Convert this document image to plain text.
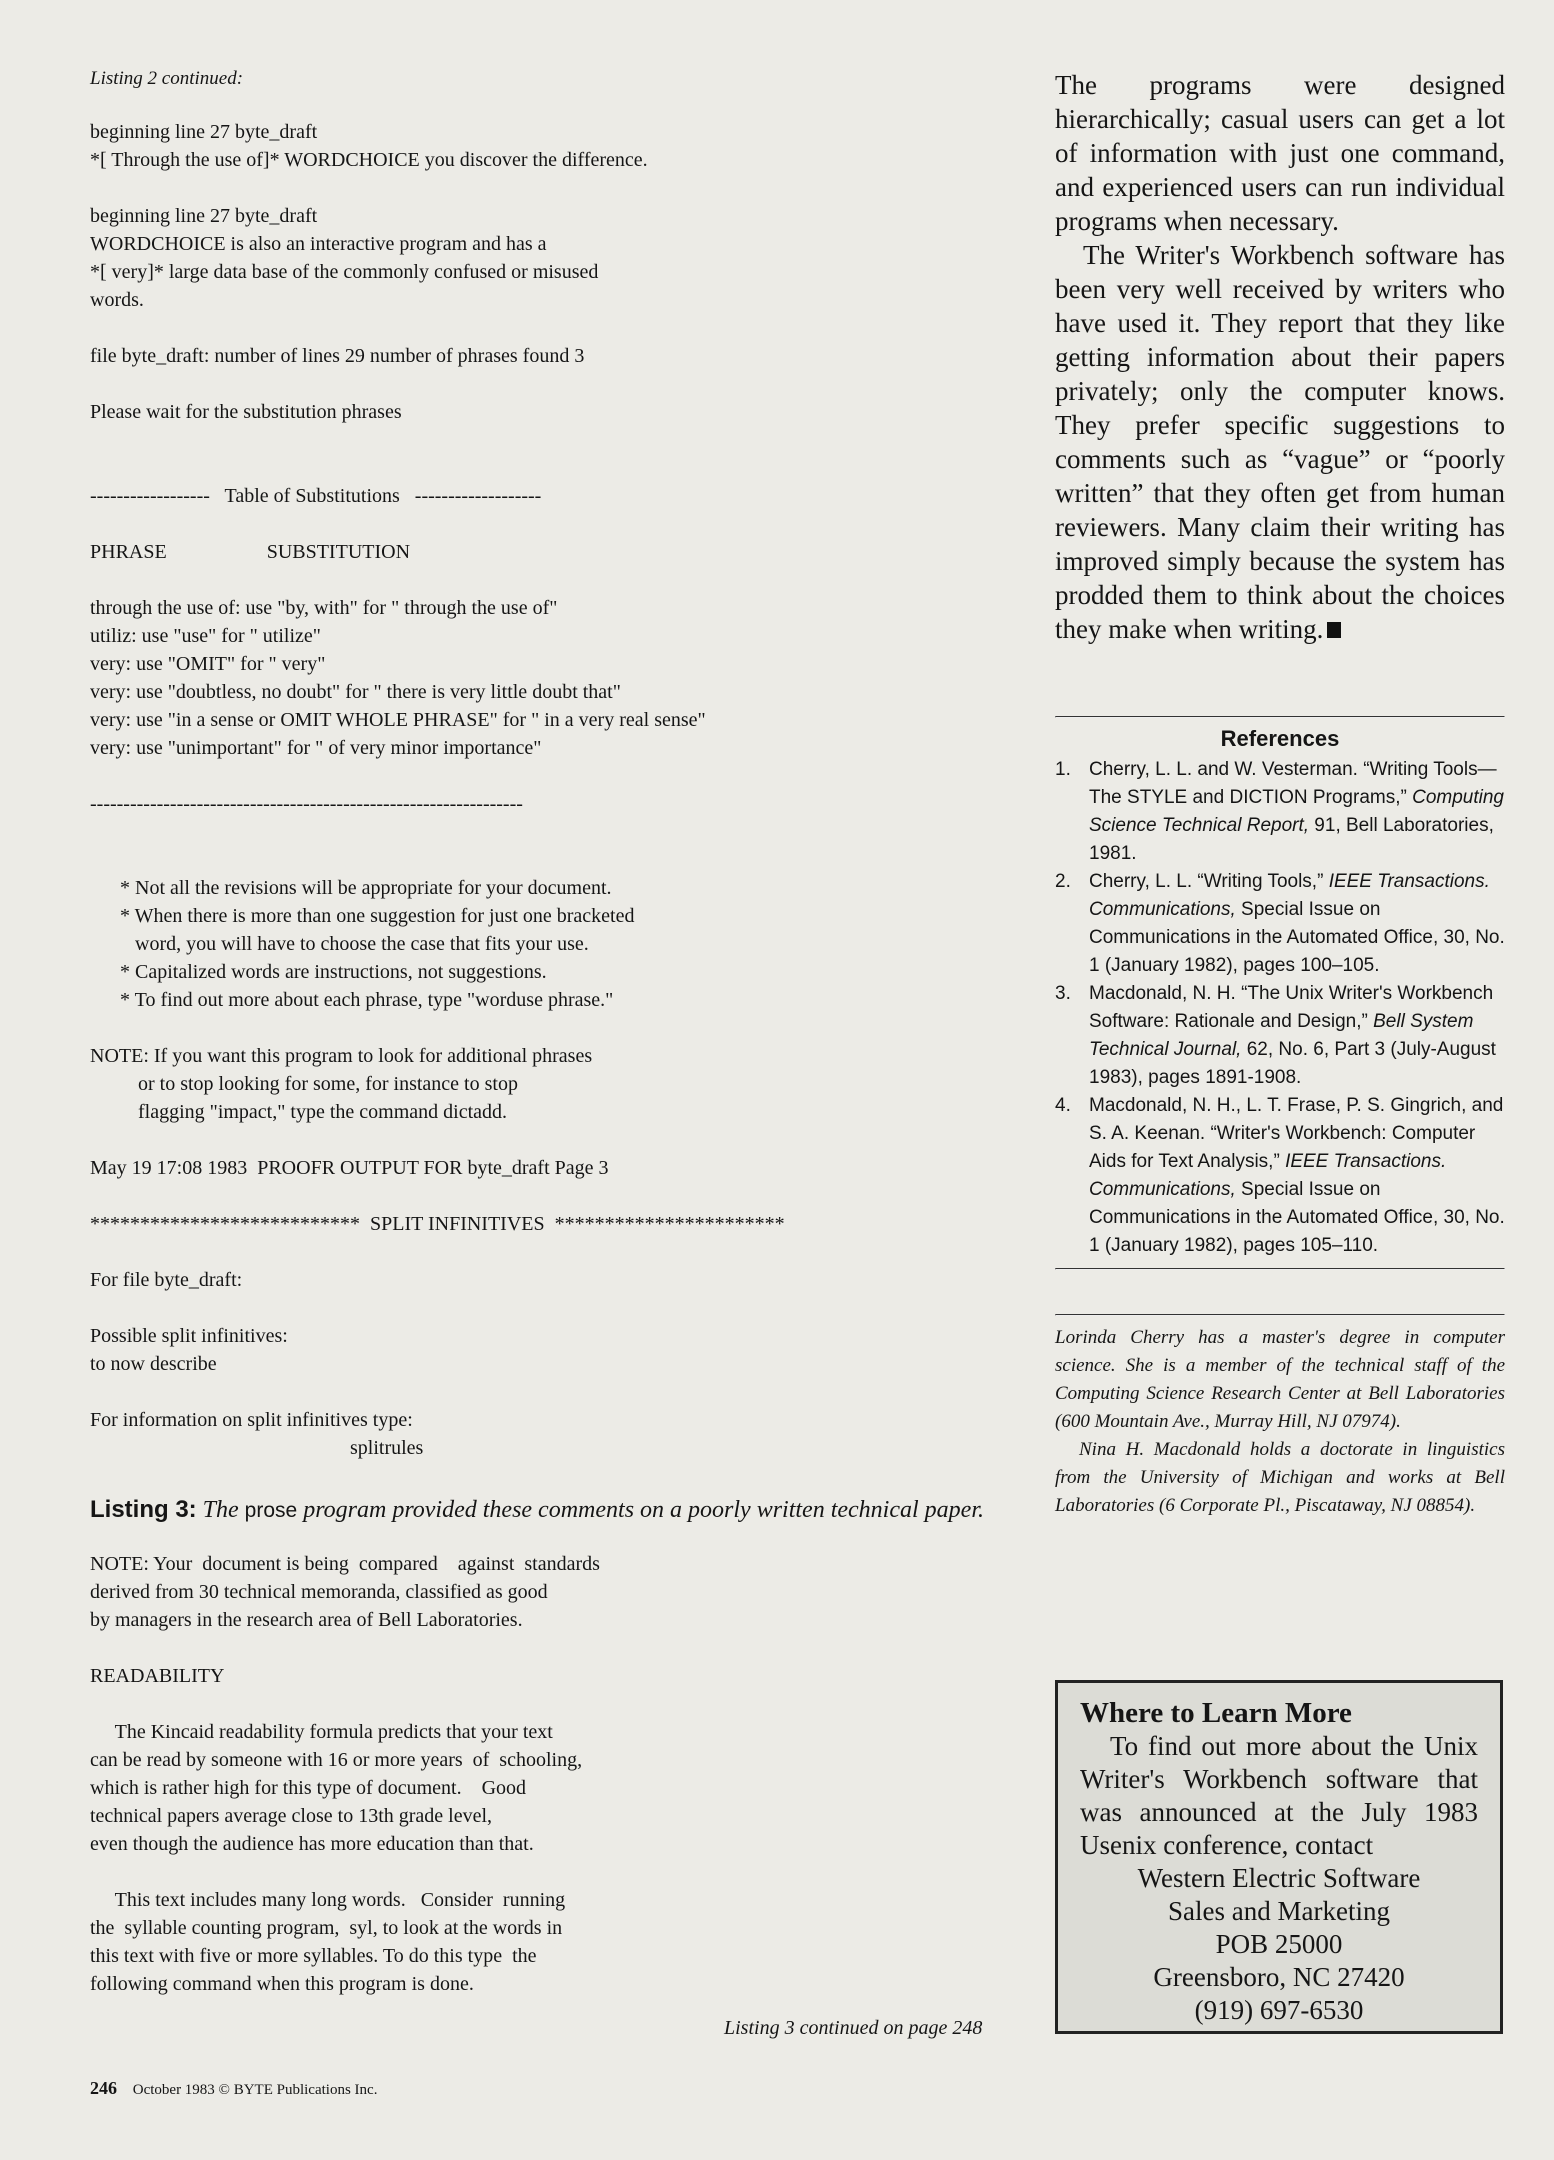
Listing 2 continued:

beginning line 27 byte_draft

*[ Through the use of]* WORDCHOICE you discover the difference.

beginning line 27 byte_draft

WORDCHOICE is also an interactive program and has a

*[ very]* large data base of the commonly confused or misused

words.

file byte_draft: number of lines 29 number of phrases found 3

Please wait for the substitution phrases

------------------   Table of Substitutions   -------------------

PHRASE                    SUBSTITUTION

through the use of: use "by, with" for " through the use of"

utiliz: use "use" for " utilize"

very: use "OMIT" for " very"

very: use "doubtless, no doubt" for " there is very little doubt that"

very: use "in a sense or OMIT WHOLE PHRASE" for " in a very real sense"

very: use "unimportant" for " of very minor importance"

-----------------------------------------------------------------

* Not all the revisions will be appropriate for your document.

* When there is more than one suggestion for just one bracketed

word, you will have to choose the case that fits your use.

* Capitalized words are instructions, not suggestions.

* To find out more about each phrase, type "worduse phrase."

NOTE: If you want this program to look for additional phrases

or to stop looking for some, for instance to stop

flagging "impact," type the command dictadd.

May 19 17:08 1983  PROOFR OUTPUT FOR byte_draft Page 3

***************************  SPLIT INFINITIVES  ***********************

For file byte_draft:

Possible split infinitives:

to now describe

For information on split infinitives type:

splitrules

Listing 3: The prose program provided these comments on a poorly written technical paper.

NOTE: Your  document is being  compared    against  standards

derived from 30 technical memoranda, classified as good

by managers in the research area of Bell Laboratories.

READABILITY

The Kincaid readability formula predicts that your text

can be read by someone with 16 or more years  of  schooling,

which is rather high for this type of document.    Good

technical papers average close to 13th grade level,

even though the audience has more education than that.

This text includes many long words.   Consider  running

the  syllable counting program,  syl, to look at the words in

this text with five or more syllables. To do this type  the

following command when this program is done.

Listing 3 continued on page 248

The programs were designed hierarchically; casual users can get a lot of information with just one command, and experienced users can run individual programs when necessary.

The Writer's Workbench software has been very well received by writers who have used it. They report that they like getting information about their papers privately; only the computer knows. They prefer specific suggestions to comments such as “vague” or “poorly written” that they often get from human reviewers. Many claim their writing has improved simply because the system has prodded them to think about the choices they make when writing.

References
1. Cherry, L. L. and W. Vesterman. “Writing Tools—The STYLE and DICTION Programs,” Computing Science Technical Report, 91, Bell Laboratories, 1981.
2. Cherry, L. L. “Writing Tools,” IEEE Transactions. Communications, Special Issue on Communications in the Automated Office, 30, No. 1 (January 1982), pages 100–105.
3. Macdonald, N. H. “The Unix Writer's Workbench Software: Rationale and Design,” Bell System Technical Journal, 62, No. 6, Part 3 (July-August 1983), pages 1891-1908.
4. Macdonald, N. H., L. T. Frase, P. S. Gingrich, and S. A. Keenan. “Writer's Workbench: Computer Aids for Text Analysis,” IEEE Transactions. Communications, Special Issue on Communications in the Automated Office, 30, No. 1 (January 1982), pages 105–110.

Lorinda Cherry has a master's degree in computer science. She is a member of the technical staff of the Computing Science Research Center at Bell Laboratories (600 Mountain Ave., Murray Hill, NJ 07974).

Nina H. Macdonald holds a doctorate in linguistics from the University of Michigan and works at Bell Laboratories (6 Corporate Pl., Piscataway, NJ 08854).

Where to Learn More
To find out more about the Unix Writer's Workbench software that was announced at the July 1983 Usenix conference, contact
Western Electric Software
Sales and Marketing
POB 25000
Greensboro, NC 27420
(919) 697-6530
246 October 1983 © BYTE Publications Inc.
